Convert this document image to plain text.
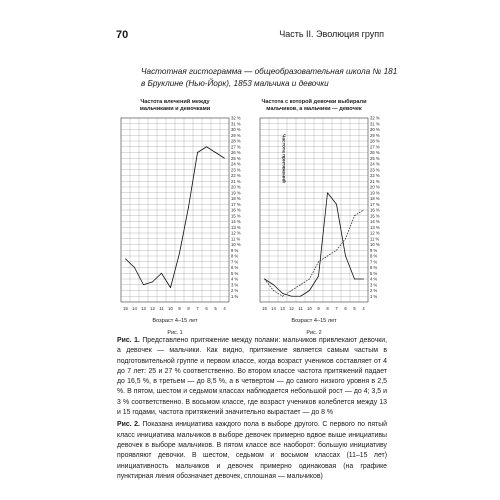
70	Часть II. Эволюция групп
Частотная гистограмма — общеобразовательная школа № 181
в Бруклине (Нью-Йорк), 1853 мальчика и девочки
Частота влечений между
мальчиками и девочками
32 %
31 %
30 %
29 %
28 %
27 %
26 %
25 %
24 %
23 %
22 %
21 %
20 %
19 %
18 %
17 %
16 %
15 %
14 %
13 %
12 %
11 %
10 %
9 %
8 %
7 %
6 %
5 %
4 %
3 %
2 %
1 %
15 14 13 12 11 10 9 8 7 6 5 4
Возраст 4–15 лет
Рис. 1
Частота с которой девочки выбирали
мальчиков, а мальчики — девочек
32 %
31 %
30 %
29 %
28 %
27 %
26 %
25 %
24 %
23 %
22 %
21 %
20 %
19 %
18 %
17 %
16 %
15 %
14 %
13 %
12 %
11 %
10 %
9 %
8 %
7 %
6 %
5 %
4 %
3 %
2 %
1 %
15 14 13 12 11 10 9 8 7 6 5 4
Возраст 4–15 лет
Рис. 2
Частота притяжений

Рис. 1. Представлено притяжение между полами: мальчиков привлекают девочки, а девочек — мальчики. Как видно, притяжение является самым частым в подготовительной группе и первом классе, когда возраст учеников составляет от 4 до 7 лет: 25 и 27 % соответственно. Во втором классе частота притяжений падает до 16,5 %, в третьем — до 8,5 %, а в четвертом — до самого низкого уровня в 2,5 %. В пятом, шестом и седьмом классах наблюдается небольшой рост — до 4; 3,5 и 3 % соответственно. В восьмом классе, где возраст учеников колеблется между 13 и 15 годами, частота притяжений значительно вырастает — до 8 %

Рис. 2. Показана инициатива каждого пола в выборе другого. С первого по пятый класс инициатива мальчиков в выборе девочек примерно вдвое выше инициативы девочек в выборе мальчиков. В пятом классе все наоборот: большую инициативу проявляют девочки. В шестом, седьмом и восьмом классах (11–15 лет) инициативность мальчиков и девочек примерно одинаковая (на графике пунктирная линия обозначает девочек, сплошная — мальчиков)
